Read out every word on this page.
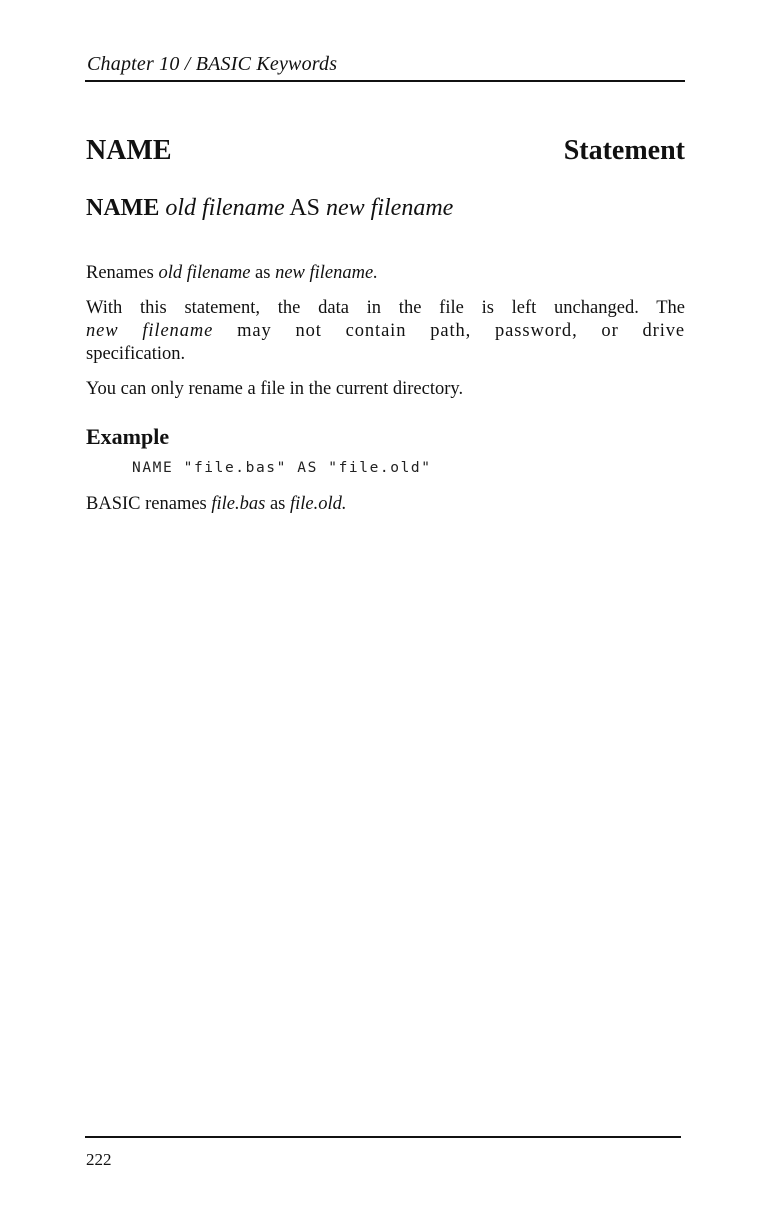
Chapter 10 / BASIC Keywords
NAME	Statement
NAME old filename AS new filename
Renames old filename as new filename.
With this statement, the data in the file is left unchanged. The
new filename may not contain path, password, or drive
specification.
You can only rename a file in the current directory.
Example
NAME "file.bas" AS "file.old"
BASIC renames file.bas as file.old.
222
